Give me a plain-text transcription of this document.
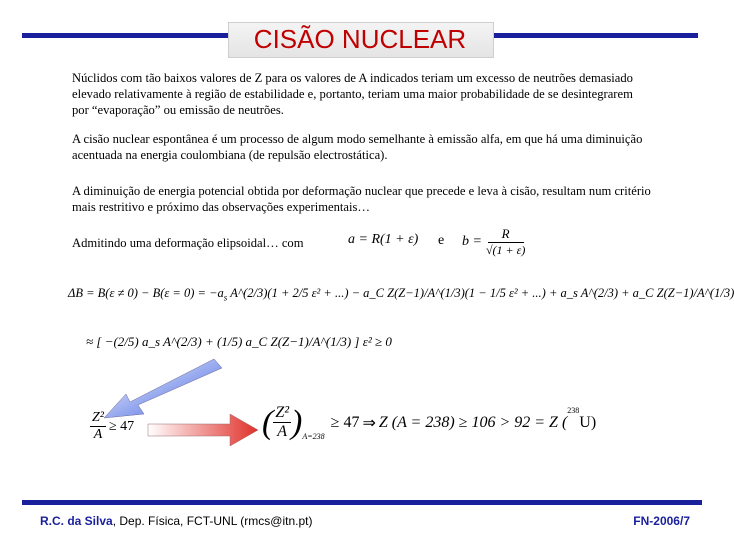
CISÃO NUCLEAR

Núclidos com tão baixos valores de Z para os valores de A indicados teriam um excesso de neutrões demasiado elevado relativamente à região de estabilidade e, portanto, teriam uma maior probabilidade de se desintegrarem por “evaporação” ou emissão de neutrões.

A cisão nuclear espontânea é um processo de algum modo semelhante à emissão alfa, em que há uma diminuição acentuada na energia coulombiana (de repulsão electrostática).

A diminuição de energia potencial obtida por deformação nuclear que precede e leva à cisão, resultam num critério mais restritivo e próximo das observações experimentais…

Admitindo uma deformação elipsoidal… com	a = R(1 + ε) e $b = \frac{R}{√(1 + \varepsilon)}$
$\Delta B = B(\varepsilon \ne 0) - B(\varepsilon = 0) = -a_s$ A^(2/3)(1 + 2/5 ε² + ...) − a_C Z(Z−1)/A^(1/3)(1 − 1/5 ε² + ...) + a_s A^(2/3) + a_C Z(Z−1)/A^(1/3)
≈ [ −(2/5) a_s A^(2/3) + (1/5) a_C Z(Z−1)/A^(1/3) ] ε² ≥ 0
$\frac{\text{Z²}}{A} \ge 47$	( $\frac{\text{Z²}}{A} )_{A=238}$
≥ 47 ⇒ Z (A = 238) ≥ 106 > 92 = Z (
$^{238}$
U )
R.C. da Silva, Dep. Física, FCT-UNL (rmcs@itn.pt)	FN-2006/7
